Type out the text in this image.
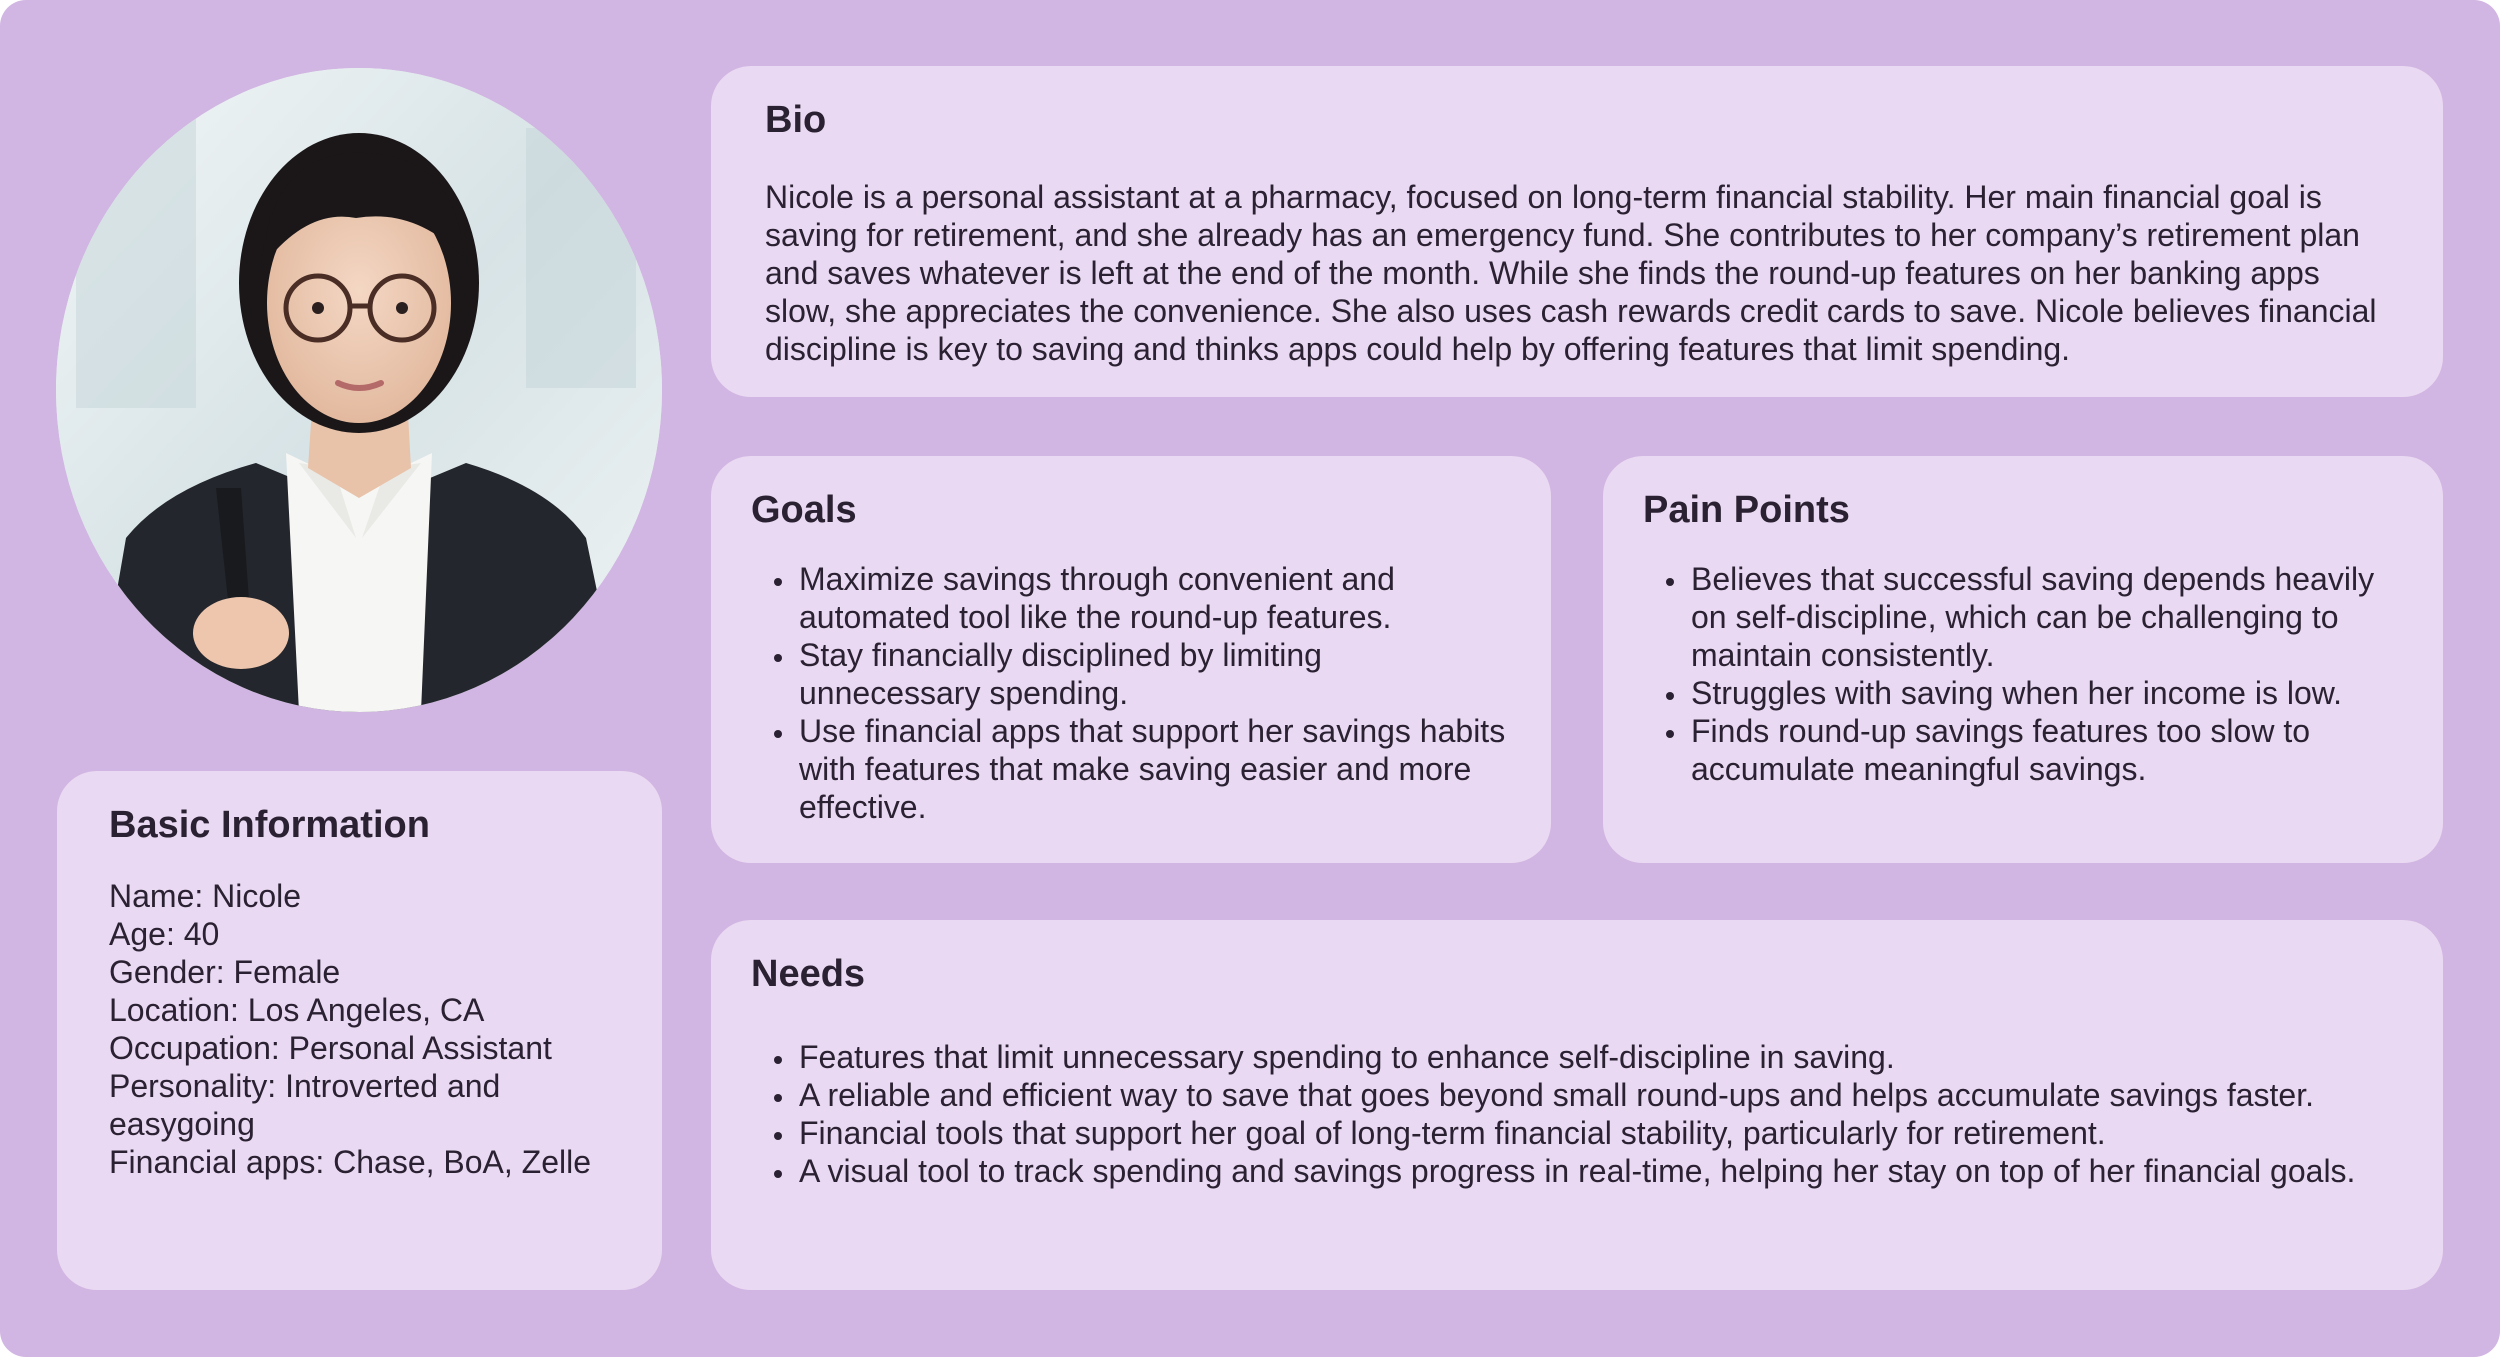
Basic Information
Name : Nicole
Age : 40
Gender : Female
Location : Los Angeles, CA
Occupation : Personal Assistant
Personality : Introverted and easygoing
Financial apps : Chase, BoA, Zelle
Bio

Nicole is a personal assistant at a pharmacy, focused on long-term financial stability. Her main financial goal is saving for retirement, and she already has an emergency fund. She contributes to her company’s retirement plan and saves whatever is left at the end of the month. While she finds the round-up features on her banking apps slow, she appreciates the convenience. She also uses cash rewards credit cards to save. Nicole believes financial discipline is key to saving and thinks apps could help by offering features that limit spending.

Goals
• Maximize savings through convenient and automated tool like the round-up features.
• Stay financially disciplined by limiting unnecessary spending.
• Use financial apps that support her savings habits with features that make saving easier and more effective.
Pain Points
• Believes that successful saving depends heavily on self-discipline, which can be challenging to maintain consistently.
• Struggles with saving when her income is low.
• Finds round-up savings features too slow to accumulate meaningful savings.
Needs
• Features that limit unnecessary spending to enhance self-discipline in saving.
• A reliable and efficient way to save that goes beyond small round-ups and helps accumulate savings faster.
• Financial tools that support her goal of long-term financial stability, particularly for retirement.
• A visual tool to track spending and savings progress in real-time, helping her stay on top of her financial goals.
